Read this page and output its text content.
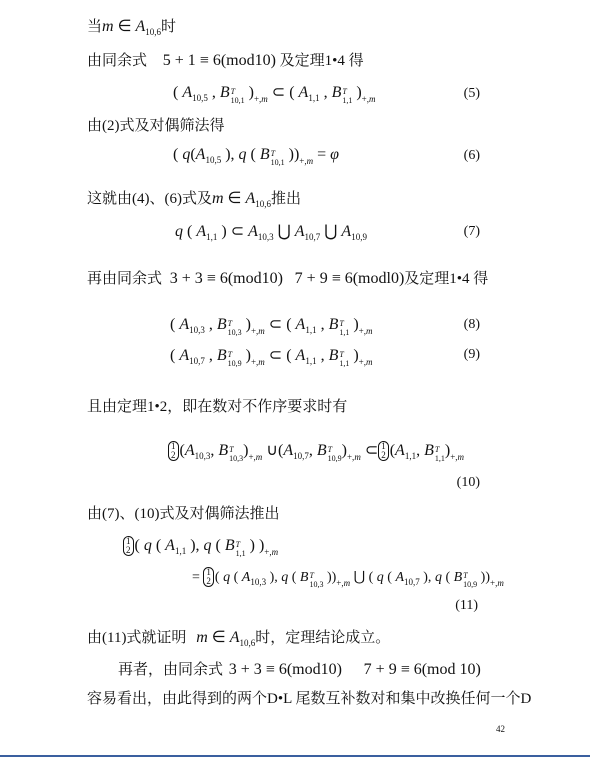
当m ∈ $A_{10,6}$时
由同余式 5 + 1 ≡ 6(mod10) 及定理1•4 得
( $A_{10,5}$ , B T
10,1 )$_{+,m}$ ⊂ ( $A_{1,1}$ , B T
1,1 )$_{+,m}$	(5)
由(2)式及对偶筛法得
( $q(A_{10,5}$ ), q ( B T
10,1 ))$_{+,m} = \varphi$	(6)
这就由(4)、(6)式及m ∈ $A_{10,6}$推出
q ( $A_{1,1}$ ) ⊂ $A_{10,3}$ ⋃ $A_{10,7}$ ⋃ $A_{10,9}$	(7)
再由同余式 3 + 3 ≡ 6(mod10) 7 + 9 ≡ 6(modl0)及定理1•4 得
( $A_{10,3}$ , B T
10,3 )$_{+,m}$ ⊂ ( $A_{1,1}$ , B T
1,1 )$_{+,m}$	(8)
( $A_{10,7}$ , B T
10,9 )$_{+,m}$ ⊂ ( $A_{1,1}$ , B T
1,1 )$_{+,m}$	(9)
且由定理1•2，即在数对不作序要求时有
1
2 ($A_{10,3}$, B T
10,3 )$_{+,m}$ $\cup(A_{10,7}$, B T
10,9 )$_{+,m}$ ⊂ 1
2 ($A_{1,1}$, B T
1,1 )$_{+,m}$
(10)
由(7)、(10)式及对偶筛法推出
1
2 ( q ( $A_{1,1}$ ), q ( B T
1,1 ) )$_{+,m}$
= 1
2 ( q ( $A_{10,3}$ ), q ( B T
10,3 ))$_{+,m}$ ⋃ ( q ( $A_{10,7}$ ), q ( B T
10,9 ))$_{+,m}$
(11)
由(11)式就证明 m ∈ $A_{10,6}$时，定理结论成立。
再者，由同余式 3 + 3 ≡ 6(mod10) 7 + 9 ≡ 6(mod 10)
容易看出，由此得到的两个D•L 尾数互补数对和集中改换任何一个D
42
